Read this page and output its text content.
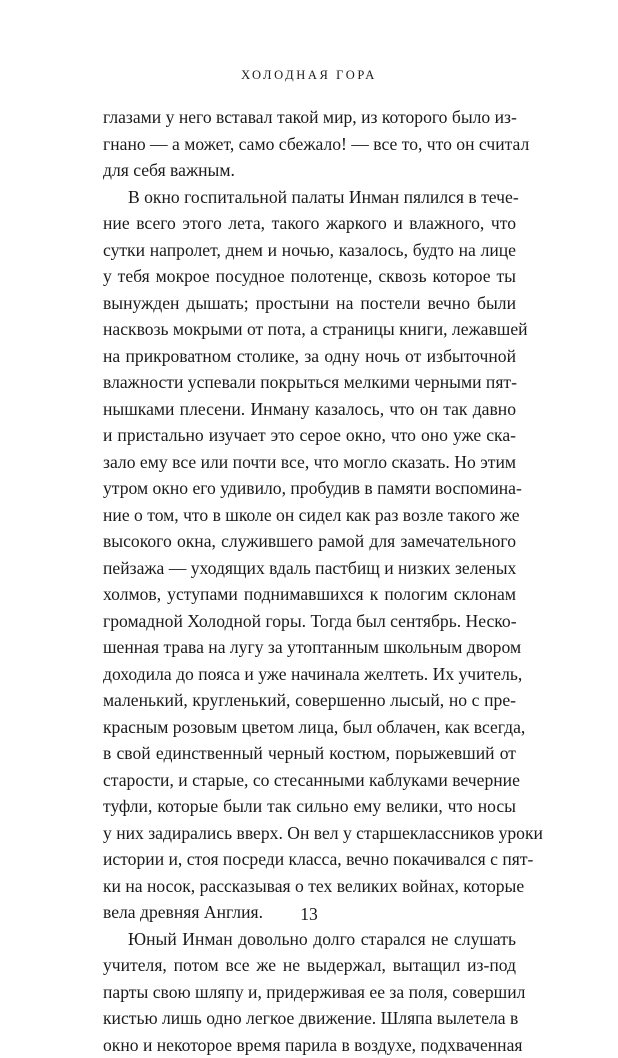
ХОЛОДНАЯ ГОРА
глазами у него вставал такой мир, из которого было из-
гнано — а может, само сбежало! — все то, что он считал
для себя важным.
В окно госпитальной палаты Инман пялился в тече-
ние всего этого лета, такого жаркого и влажного, что
сутки напролет, днем и ночью, казалось, будто на лице
у тебя мокрое посудное полотенце, сквозь которое ты
вынужден дышать; простыни на постели вечно были
насквозь мокрыми от пота, а страницы книги, лежавшей
на прикроватном столике, за одну ночь от избыточной
влажности успевали покрыться мелкими черными пят-
нышками плесени. Инману казалось, что он так давно
и пристально изучает это серое окно, что оно уже ска-
зало ему все или почти все, что могло сказать. Но этим
утром окно его удивило, пробудив в памяти воспомина-
ние о том, что в школе он сидел как раз возле такого же
высокого окна, служившего рамой для замечательного
пейзажа — уходящих вдаль пастбищ и низких зеленых
холмов, уступами поднимавшихся к пологим склонам
громадной Холодной горы. Тогда был сентябрь. Неско-
шенная трава на лугу за утоптанным школьным двором
доходила до пояса и уже начинала желтеть. Их учитель,
маленький, кругленький, совершенно лысый, но с пре-
красным розовым цветом лица, был облачен, как всегда,
в свой единственный черный костюм, порыжевший от
старости, и старые, со стесанными каблуками вечерние
туфли, которые были так сильно ему велики, что носы
у них задирались вверх. Он вел у старшеклассников уроки
истории и, стоя посреди класса, вечно покачивался с пят-
ки на носок, рассказывая о тех великих войнах, которые
вела древняя Англия.
Юный Инман довольно долго старался не слушать
учителя, потом все же не выдержал, вытащил из-под
парты свою шляпу и, придерживая ее за поля, совершил
кистью лишь одно легкое движение. Шляпа вылетела в
окно и некоторое время парила в воздухе, подхваченная
13
